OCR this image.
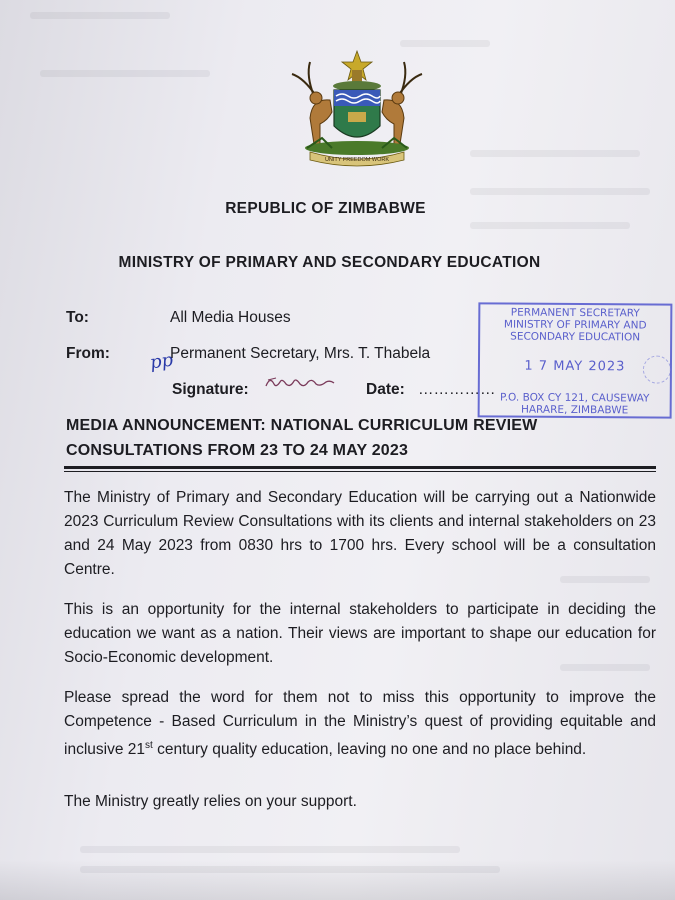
UNITY FREEDOM WORK
REPUBLIC OF ZIMBABWE
MINISTRY OF PRIMARY AND SECONDARY EDUCATION
To:	All Media Houses
From: pp
Permanent Secretary, Mrs. T. Thabela
Signature:	Date: ……………
PERMANENT SECRETARY
MINISTRY OF PRIMARY AND
SECONDARY EDUCATION
1 7 MAY 2023
P.O. BOX CY 121, CAUSEWAY
HARARE, ZIMBABWE
MEDIA ANNOUNCEMENT: NATIONAL CURRICULUM REVIEW
CONSULTATIONS FROM 23 TO 24 MAY 2023
The Ministry of Primary and Secondary Education will be carrying out a Nationwide 2023 Curriculum Review Consultations with its clients and internal stakeholders on 23 and 24 May 2023 from 0830 hrs to 1700 hrs. Every school will be a consultation Centre.
This is an opportunity for the internal stakeholders to participate in deciding the education we want as a nation. Their views are important to shape our education for Socio-Economic development.
Please spread the word for them not to miss this opportunity to improve the Competence - Based Curriculum in the Ministry’s quest of providing equitable and inclusive 21st century quality education, leaving no one and no place behind.
The Ministry greatly relies on your support.
